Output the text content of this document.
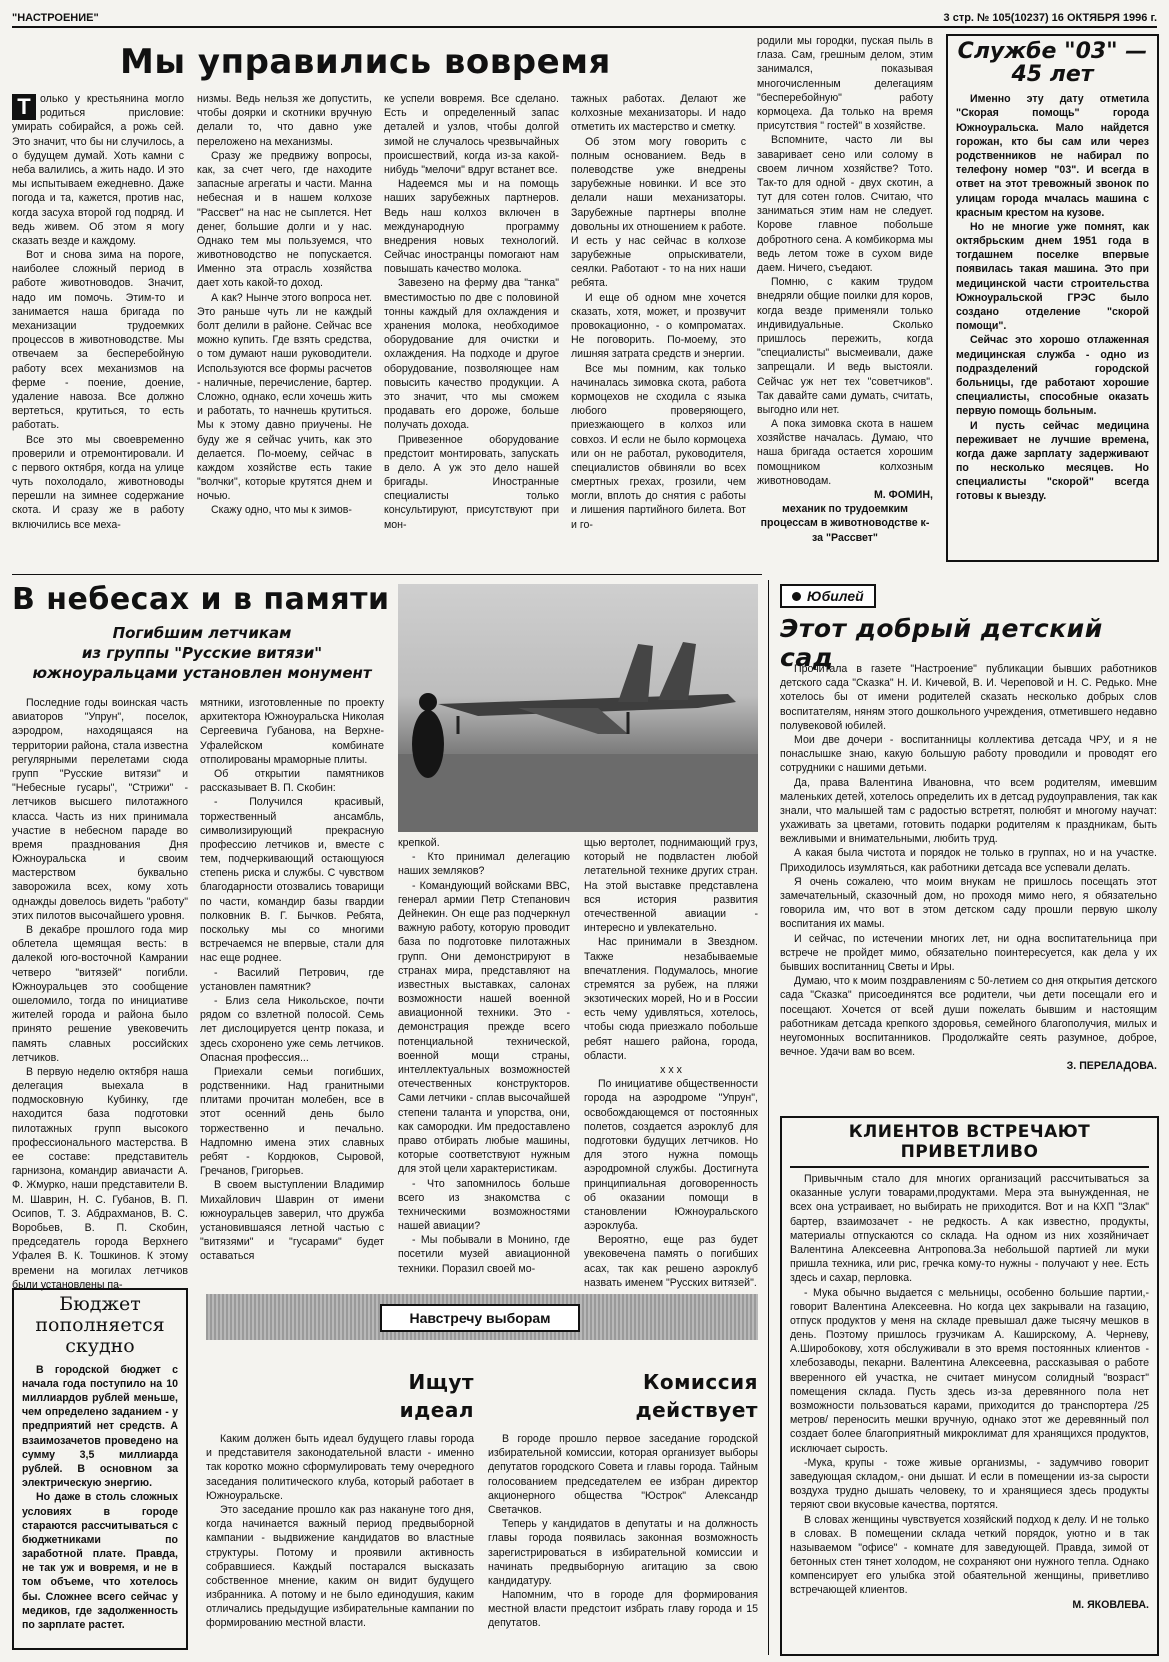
"НАСТРОЕНИЕ"	3 стр. № 105(10237) 16 ОКТЯБРЯ 1996 г.
Мы управились вовремя

Т олько у крестьянина могло родиться присловие: умирать собирайся, а рожь сей. Это значит, что бы ни случилось, а о будущем думай. Хоть камни с неба валились, а жить надо. И это мы испытываем ежедневно. Даже погода и та, кажется, против нас, когда засуха второй год подряд. И ведь живем. Об этом я могу сказать везде и каждому.

Вот и снова зима на пороге, наиболее сложный период в работе животноводов. Значит, надо им помочь. Этим-то и занимается наша бригада по механизации трудоемких процессов в животноводстве. Мы отвечаем за бесперебойную работу всех механизмов на ферме - поение, доение, удаление навоза. Все должно вертеться, крутиться, то есть работать.

Все это мы своевременно проверили и отремонтировали. И с первого октября, когда на улице чуть похолодало, животноводы перешли на зимнее содержание скота. И сразу же в работу включились все меха-

низмы. Ведь нельзя же допустить, чтобы доярки и скотники вручную делали то, что давно уже переложено на механизмы.

Сразу же предвижу вопросы, как, за счет чего, где находите запасные агрегаты и части. Манна небесная и в нашем колхозе "Рассвет" на нас не сыплется. Нет денег, большие долги и у нас. Однако тем мы пользуемся, что животноводство не попускается. Именно эта отрасль хозяйства дает хоть какой-то доход.

А как? Нынче этого вопроса нет. Это раньше чуть ли не каждый болт делили в районе. Сейчас все можно купить. Где взять средства, о том думают наши руководители. Используются все формы расчетов - наличные, перечисление, бартер. Сложно, однако, если хочешь жить и работать, то начнешь крутиться. Мы к этому давно приучены. Не буду же я сейчас учить, как это делается. По-моему, сейчас в каждом хозяйстве есть такие "волчки", которые крутятся днем и ночью.

Скажу одно, что мы к зимов-

ке успели вовремя. Все сделано. Есть и определенный запас деталей и узлов, чтобы долгой зимой не случалось чрезвычайных происшествий, когда из-за какой-нибудь "мелочи" вдруг встанет все.

Надеемся мы и на помощь наших зарубежных партнеров. Ведь наш колхоз включен в международную программу внедрения новых технологий. Сейчас иностранцы помогают нам повышать качество молока.

Завезено на ферму два "танка" вместимостью по две с половиной тонны каждый для охлаждения и хранения молока, необходимое оборудование для очистки и охлаждения. На подходе и другое оборудование, позволяющее нам повысить качество продукции. А это значит, что мы сможем продавать его дороже, больше получать дохода.

Привезенное оборудование предстоит монтировать, запускать в дело. А уж это дело нашей бригады. Иностранные специалисты только консультируют, присутствуют при мон-

тажных работах. Делают же колхозные механизаторы. И надо отметить их мастерство и сметку.

Об этом могу говорить с полным основанием. Ведь в полеводстве уже внедрены зарубежные новинки. И все это делали наши механизаторы. Зарубежные партнеры вполне довольны их отношением к работе. И есть у нас сейчас в колхозе зарубежные опрыскиватели, сеялки. Работают - то на них наши ребята.

И еще об одном мне хочется сказать, хотя, может, и прозвучит провокационно, - о компроматах. Не поговорить. По-моему, это лишняя затрата средств и энергии.

Все мы помним, как только начиналась зимовка скота, работа кормоцехов не сходила с языка любого проверяющего, приезжающего в колхоз или совхоз. И если не было кормоцеха или он не работал, руководителя, специалистов обвиняли во всех смертных грехах, грозили, чем могли, вплоть до снятия с работы и лишения партийного билета. Вот и го-

родили мы городки, пуская пыль в глаза. Сам, грешным делом, этим занимался, показывая многочисленным делегациям "бесперебойную" работу кормоцеха. Да только на время присутствия " гостей" в хозяйстве.

Вспомните, часто ли вы заваривает сено или солому в своем личном хозяйстве? Тото. Так-то для одной - двух скотин, а тут для сотен голов. Считаю, что заниматься этим нам не следует. Корове главное побольше добротного сена. А комбикорма мы ведь летом тоже в сухом виде даем. Ничего, съедают.

Помню, с каким трудом внедряли общие поилки для коров, когда везде применяли только индивидуальные. Сколько пришлось пережить, когда "специалисты" высмеивали, даже запрещали. И ведь выстояли. Сейчас уж нет тех "советчиков". Так давайте сами думать, считать, выгодно или нет.

А пока зимовка скота в нашем хозяйстве началась. Думаю, что наша бригада остается хорошим помощником колхозным животноводам.

М. ФОМИН,

механик по трудоемким процессам в животноводстве к-за "Рассвет"

Службе "03" — 45 лет

Именно эту дату отметила "Скорая помощь" города Южноуральска. Мало найдется горожан, кто бы сам или через родственников не набирал по телефону номер "03". И всегда в ответ на этот тревожный звонок по улицам города мчалась машина с красным крестом на кузове.

Но не многие уже помнят, как октябрьским днем 1951 года в тогдашнем поселке впервые появилась такая машина. Это при медицинской части строительства Южноуральской ГРЭС было создано отделение "скорой помощи".

Сейчас это хорошо отлаженная медицинская служба - одно из подразделений городской больницы, где работают хорошие специалисты, способные оказать первую помощь больным.

И пусть сейчас медицина переживает не лучшие времена, когда даже зарплату задерживают по несколько месяцев. Но специалисты "скорой" всегда готовы к выезду.

В небесах и в памяти
Погибшим летчикам
из группы "Русские витязи"
южноуральцами установлен монумент

Последние годы воинская часть авиаторов "Упрун", поселок, аэродром, находящаяся на территории района, стала известна регулярными перелетами сюда групп "Русские витязи" и "Небесные гусары", "Стрижи" - летчиков высшего пилотажного класса. Часть из них принимала участие в небесном параде во время празднования Дня Южноуральска и своим мастерством буквально заворожила всех, кому хоть однажды довелось видеть "работу" этих пилотов высочайшего уровня.

В декабре прошлого года мир облетела щемящая весть: в далекой юго-восточной Камрании четверо "витязей" погибли. Южноуральцев это сообщение ошеломило, тогда по инициативе жителей города и района было принято решение увековечить память славных российских летчиков.

В первую неделю октября наша делегация выехала в подмосковную Кубинку, где находится база подготовки пилотажных групп высокого профессионального мастерства. В ее составе: представитель гарнизона, командир авиачасти А. Ф. Жмурко, наши представители В. М. Шаврин, Н. С. Губанов, В. П. Осипов, Т. З. Абдрахманов, В. С. Воробьев, В. П. Скобин, председатель города Верхнего Уфалея В. К. Тошкинов. К этому времени на могилах летчиков были установлены па-

мятники, изготовленные по проекту архитектора Южноуральска Николая Сергеевича Губанова, на Верхне-Уфалейском комбинате отполированы мраморные плиты.

Об открытии памятников рассказывает В. П. Скобин:

- Получился красивый, торжественный ансамбль, символизирующий прекрасную профессию летчиков и, вместе с тем, подчеркивающий остающуюся степень риска и службы. С чувством благодарности отозвались товарищи по части, командир базы гвардии полковник В. Г. Бычков. Ребята, поскольку мы со многими встречаемся не впервые, стали для нас еще роднее.

- Василий Петрович, где установлен памятник?

- Близ села Никольское, почти рядом со взлетной полосой. Семь лет дислоцируется центр показа, и здесь схоронено уже семь летчиков. Опасная профессия...

Приехали семьи погибших, родственники. Над гранитными плитами прочитан молебен, все в этот осенний день было торжественно и печально. Надпомню имена этих славных ребят - Кордюков, Сыровой, Гречанов, Григорьев.

В своем выступлении Владимир Михайлович Шаврин от имени южноуральцев заверил, что дружба установившаяся летной частью с "витязями" и "гусарами" будет оставаться

крепкой.

- Кто принимал делегацию наших земляков?

- Командующий войсками ВВС, генерал армии Петр Степанович Дейнекин. Он еще раз подчеркнул важную работу, которую проводит база по подготовке пилотажных групп. Они демонстрируют в странах мира, представляют на известных выставках, салонах возможности нашей военной авиационной техники. Это - демонстрация прежде всего потенциальной технической, военной мощи страны, интеллектуальных возможностей отечественных конструкторов. Сами летчики - сплав высочайшей степени таланта и упорства, они, как самородки. Им предоставлено право отбирать любые машины, которые соответствуют нужным для этой цели характеристикам.

- Что запомнилось больше всего из знакомства с техническими возможностями нашей авиации?

- Мы побывали в Монино, где посетили музей авиационной техники. Поразил своей мо-

щью вертолет, поднимающий груз, который не подвластен любой летательной технике других стран. На этой выставке представлена вся история развития отечественной авиации - интересно и увлекательно.

Нас принимали в Звездном. Также незабываемые впечатления. Подумалось, многие стремятся за рубеж, на пляжи экзотических морей, Но и в России есть чему удивляться, хотелось, чтобы сюда приезжало побольше ребят нашего района, города, области.

x x x

По инициативе общественности города на аэродроме "Упрун", освобождающемся от постоянных полетов, создается аэроклуб для подготовки будущих летчиков. Но для этого нужна помощь аэродромной службы. Достигнута принципиальная договоренность об оказании помощи в становлении Южноуральского аэроклуба.

Вероятно, еще раз будет увековечена память о погибших асах, так как решено аэроклуб назвать именем "Русских витязей".

Юбилей
Этот добрый детский сад

Прочитала в газете "Настроение" публикации бывших работников детского сада "Сказка" Н. И. Кичевой, В. И. Череповой и Н. С. Редько. Мне хотелось бы от имени родителей сказать несколько добрых слов воспитателям, няням этого дошкольного учреждения, отметившего недавно полувековой юбилей.

Мои две дочери - воспитанницы коллектива детсада ЧРУ, и я не понаслышке знаю, какую большую работу проводили и проводят его сотрудники с нашими детьми.

Да, права Валентина Ивановна, что всем родителям, имевшим маленьких детей, хотелось определить их в детсад рудоуправления, так как знали, что малышей там с радостью встретят, полюбят и многому научат: ухаживать за цветами, готовить подарки родителям к праздникам, быть вежливыми и внимательными, любить труд.

А какая была чистота и порядок не только в группах, но и на участке. Приходилось изумляться, как работники детсада все успевали делать.

Я очень сожалею, что моим внукам не пришлось посещать этот замечательный, сказочный дом, но проходя мимо него, я обязательно говорила им, что вот в этом детском саду прошли первую школу воспитания их мамы.

И сейчас, по истечении многих лет, ни одна воспитательница при встрече не пройдет мимо, обязательно поинтересуется, как дела у их бывших воспитанниц Светы и Иры.

Думаю, что к моим поздравлениям с 50-летием со дня открытия детского сада "Сказка" присоединятся все родители, чьи дети посещали его и посещают. Хочется от всей души пожелать бывшим и настоящим работникам детсада крепкого здоровья, семейного благополучия, милых и неугомонных воспитанников. Продолжайте сеять разумное, доброе, вечное. Удачи вам во всем.

З. ПЕРЕЛАДОВА.

КЛИЕНТОВ ВСТРЕЧАЮТ ПРИВЕТЛИВО

Привычным стало для многих организаций рассчитываться за оказанные услуги товарами,продуктами. Мера эта вынужденная, не всех она устраивает, но выбирать не приходится. Вот и на КХП "Злак" бартер, взаимозачет - не редкость. А как известно, продукты, материалы отпускаются со склада. На одном из них хозяйничает Валентина Алексеевна Антропова.За небольшой партией ли муки пришла техника, или рис, гречка кому-то нужны - получают у нее. Есть здесь и сахар, перловка.

- Мука обычно выдается с мельницы, особенно большие партии,- говорит Валентина Алексеевна. Но когда цех закрывали на газацию, отпуск продуктов у меня на складе превышал даже тысячу мешков в день. Поэтому пришлось грузчикам А. Каширскому, А. Черневу, А.Широбокову, хотя обслуживали в это время постоянных клиентов - хлебозаводы, пекарни. Валентина Алексеевна, рассказывая о работе вверенного ей участка, не считает минусом солидный "возраст" помещения склада. Пусть здесь из-за деревянного пола нет возможности пользоваться карами, приходится до транспортера /25 метров/ переносить мешки вручную, однако этот же деревянный пол создает более благоприятный микроклимат для хранящихся продуктов, исключает сырость.

-Мука, крупы - тоже живые организмы, - задумчиво говорит заведующая складом,- они дышат. И если в помещении из-за сырости воздуха трудно дышать человеку, то и хранящиеся здесь продукты теряют свои вкусовые качества, портятся.

В словах женщины чувствуется хозяйский подход к делу. И не только в словах. В помещении склада четкий порядок, уютно и в так называемом "офисе" - комнате для заведующей. Правда, зимой от бетонных стен тянет холодом, не сохраняют они нужного тепла. Однако компенсирует его улыбка этой обаятельной женщины, приветливо встречающей клиентов.

М. ЯКОВЛЕВА.

Бюджет
пополняется
скудно

В городской бюджет с начала года поступило на 10 миллиардов рублей меньше, чем определено заданием - у предприятий нет средств. А взаимозачетов проведено на сумму 3,5 миллиарда рублей. В основном за электрическую энергию.

Но даже в столь сложных условиях в городе стараются рассчитываться с бюджетниками по заработной плате. Правда, не так уж и вовремя, и не в том объеме, что хотелось бы. Сложнее всего сейчас у медиков, где задолженность по зарплате растет.

Навстречу выборам
Ищут
идеал

Каким должен быть идеал будущего главы города и представителя законодательной власти - именно так коротко можно сформулировать тему очередного заседания политического клуба, который работает в Южноуральске.

Это заседание прошло как раз накануне того дня, когда начинается важный период предвыборной кампании - выдвижение кандидатов во властные структуры. Потому и проявили активность собравшиеся. Каждый постарался высказать собственное мнение, каким он видит будущего избранника. А потому и не было единодушия, каким отличались предыдущие избирательные кампании по формированию местной власти.

Комиссия
действует

В городе прошло первое заседание городской избирательной комиссии, которая организует выборы депутатов городского Совета и главы города. Тайным голосованием председателем ее избран директор акционерного общества "Юстрок" Александр Светачков.

Теперь у кандидатов в депутаты и на должность главы города появилась законная возможность зарегистрироваться в избирательной комиссии и начинать предвыборную агитацию за свою кандидатуру.

Напомним, что в городе для формирования местной власти предстоит избрать главу города и 15 депутатов.
